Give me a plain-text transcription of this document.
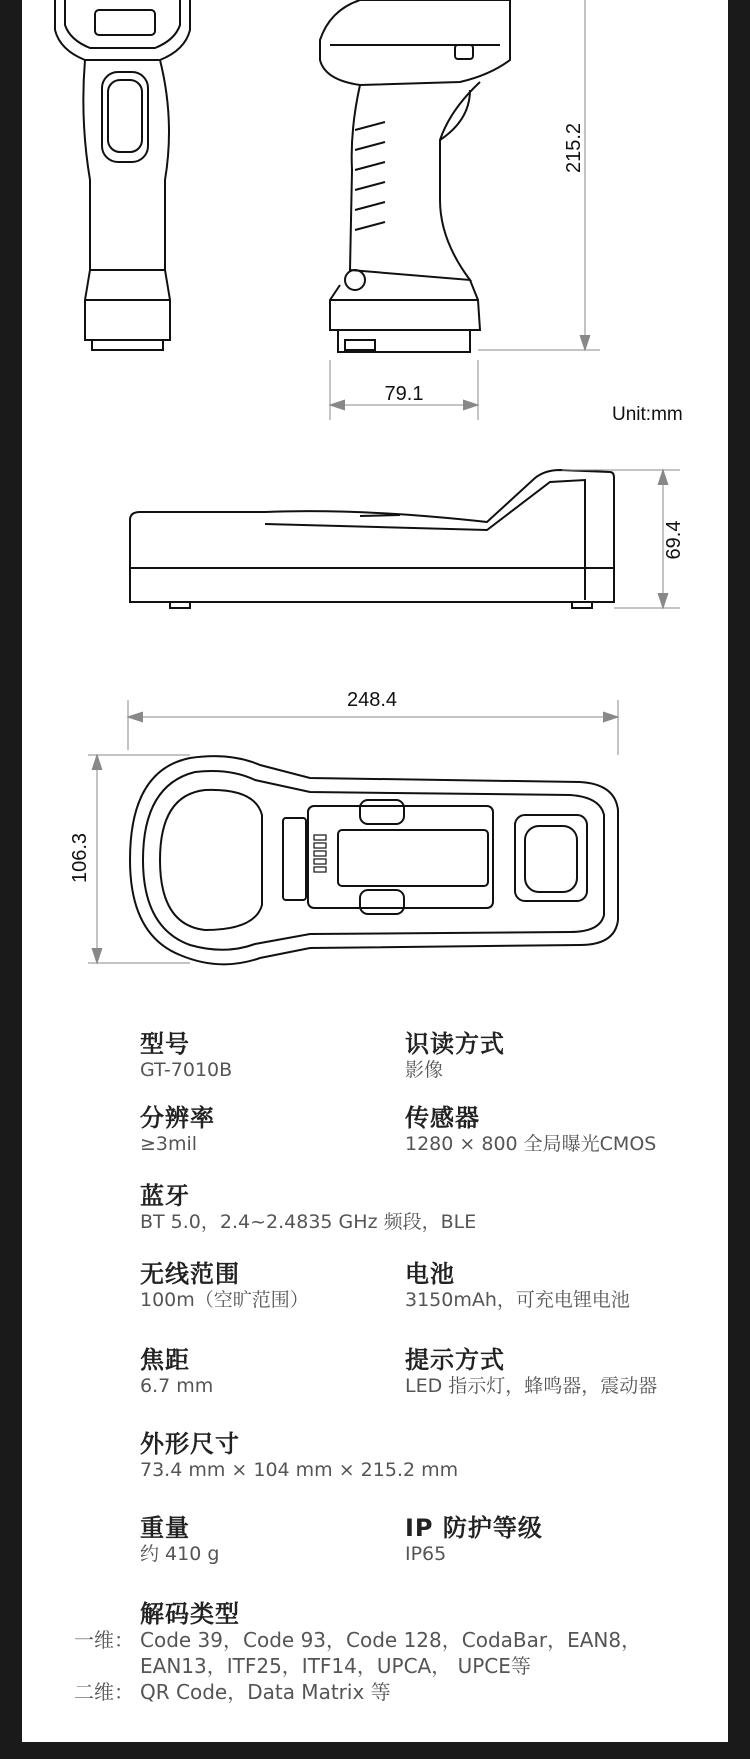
215.2
79.1
69.4
248.4
106.3
Unit:mm
型号
GT-7010B
识读方式
影像
分辨率
≥3mil
传感器
1280 × 800 全局曝光CMOS
蓝牙
BT 5.0，2.4~2.4835 GHz 频段，BLE
无线范围
100m（空旷范围）
电池
3150mAh，可充电锂电池
焦距
6.7 mm
提示方式
LED 指示灯，蜂鸣器，震动器
外形尺寸
73.4 mm × 104 mm × 215.2 mm
重量
约 410 g
IP 防护等级
IP65
解码类型
一维： Code 39，Code 93，Code 128，CodaBar，EAN8，
EAN13，ITF25，ITF14，UPCA， UPCE等
二维： QR Code，Data Matrix 等
